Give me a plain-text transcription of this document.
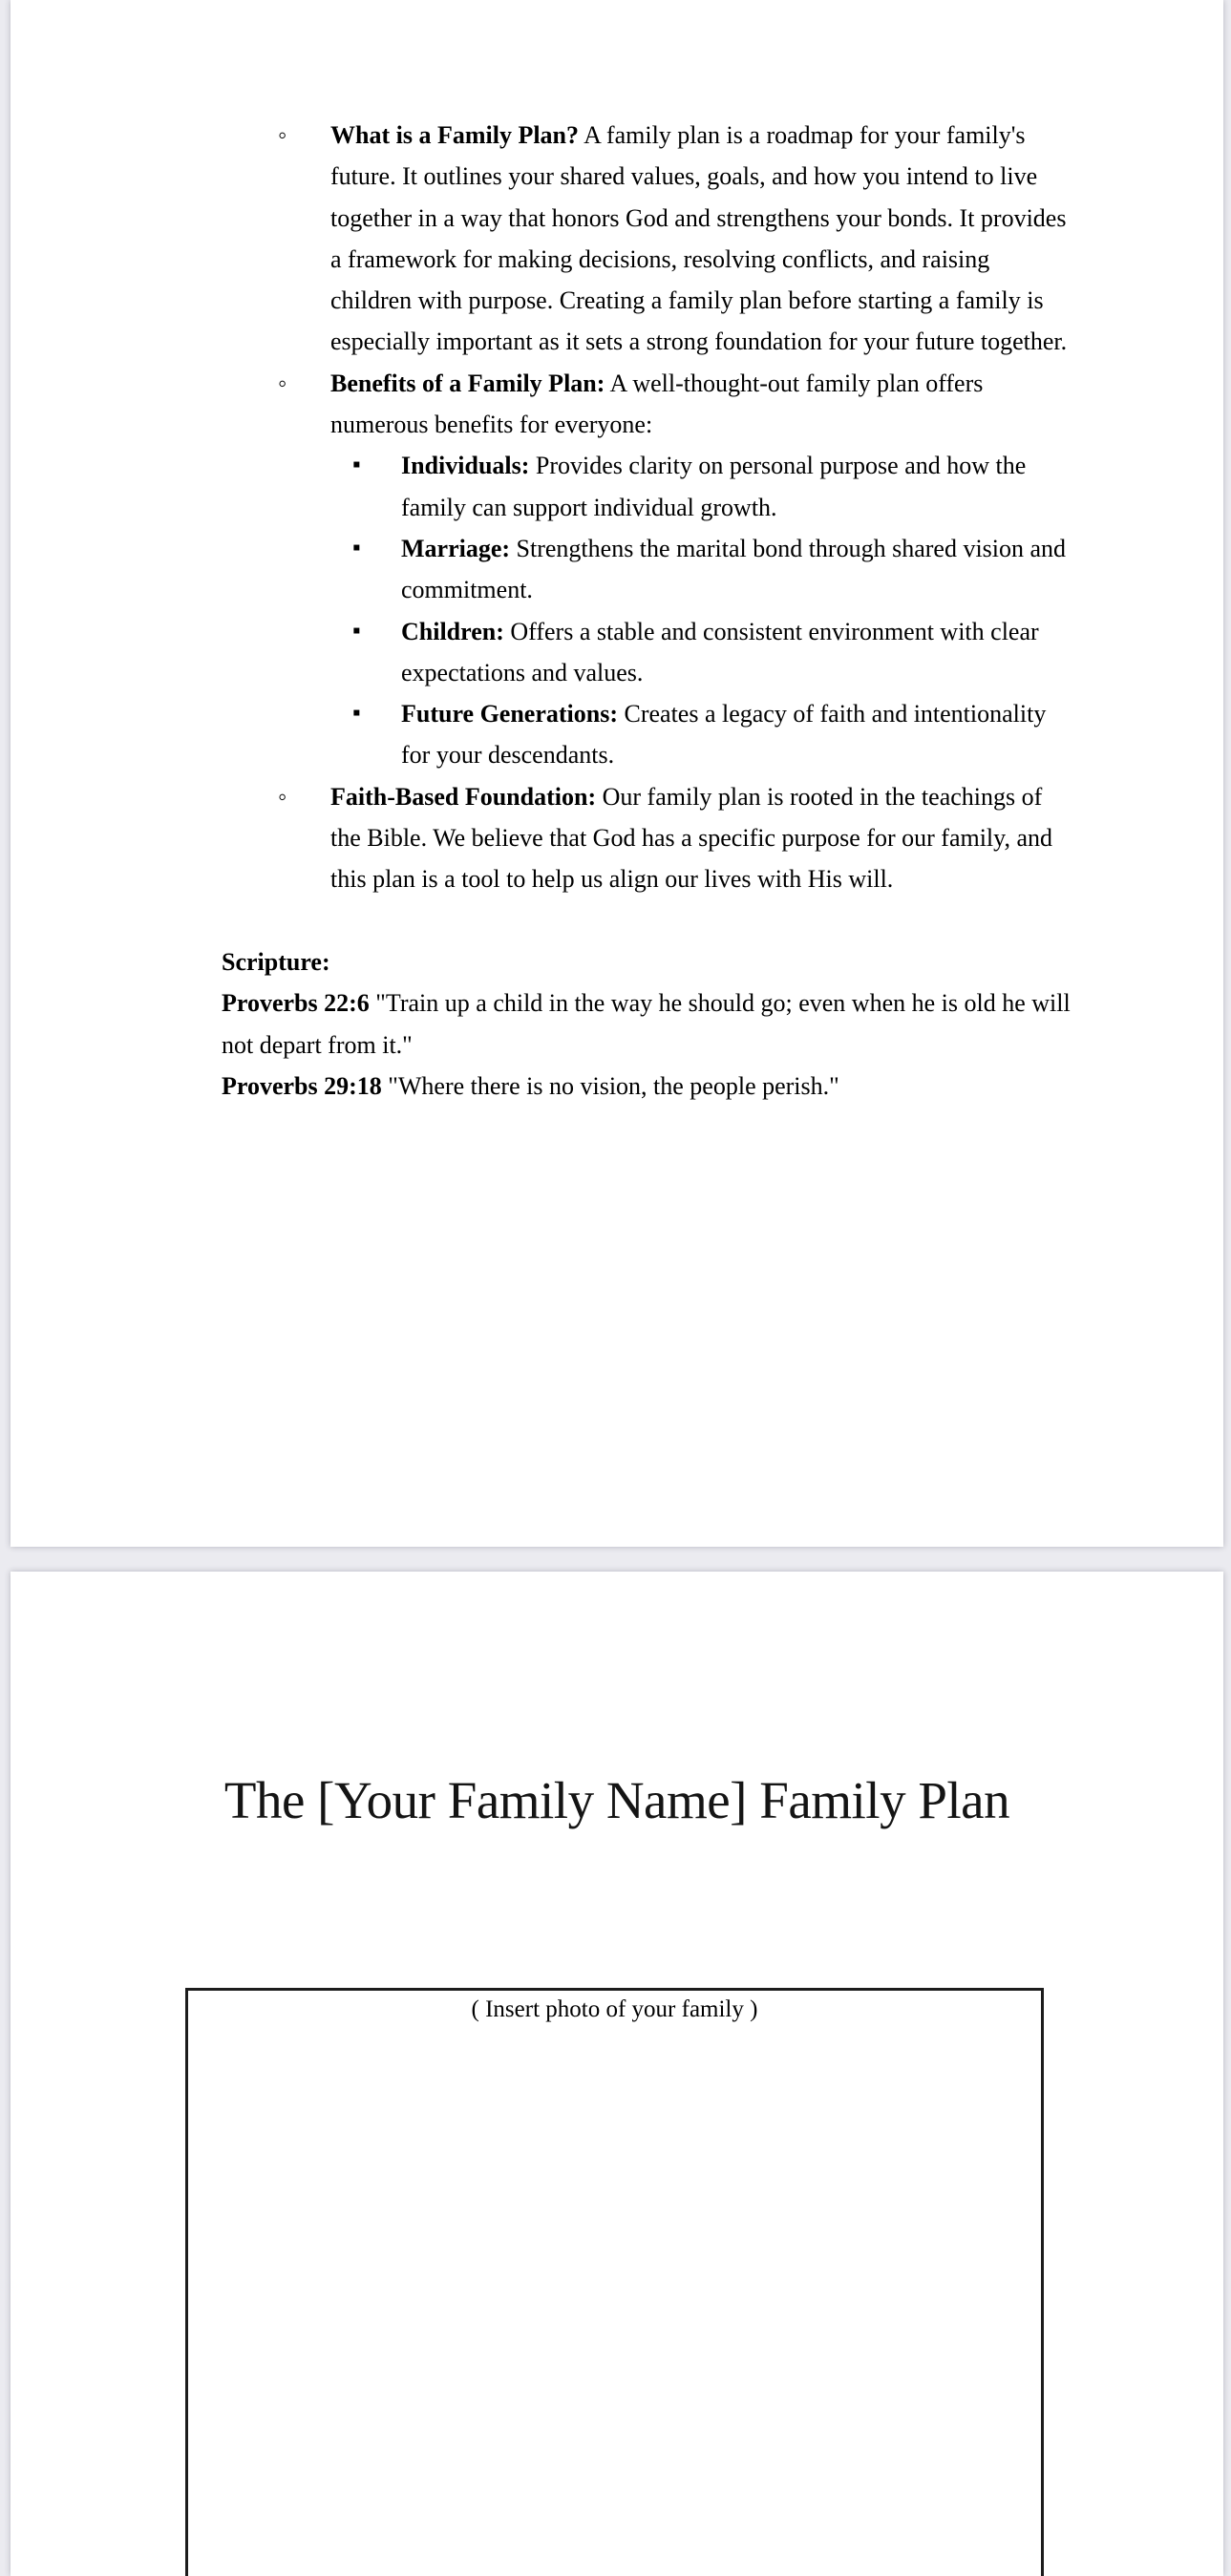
◦ What is a Family Plan? A family plan is a roadmap for your family's
future. It outlines your shared values, goals, and how you intend to live
together in a way that honors God and strengthens your bonds. It provides
a framework for making decisions, resolving conflicts, and raising
children with purpose. Creating a family plan before starting a family is
especially important as it sets a strong foundation for your future together.
◦ Benefits of a Family Plan: A well-thought-out family plan offers
numerous benefits for everyone:
▪ Individuals: Provides clarity on personal purpose and how the
family can support individual growth.
▪ Marriage: Strengthens the marital bond through shared vision and
commitment.
▪ Children: Offers a stable and consistent environment with clear
expectations and values.
▪ Future Generations: Creates a legacy of faith and intentionality
for your descendants.
◦ Faith-Based Foundation: Our family plan is rooted in the teachings of
the Bible. We believe that God has a specific purpose for our family, and
this plan is a tool to help us align our lives with His will.
Scripture:
Proverbs 22:6 "Train up a child in the way he should go; even when he is old he will
not depart from it."
Proverbs 29:18 "Where there is no vision, the people perish."
The [Your Family Name] Family Plan
( Insert photo of your family )
